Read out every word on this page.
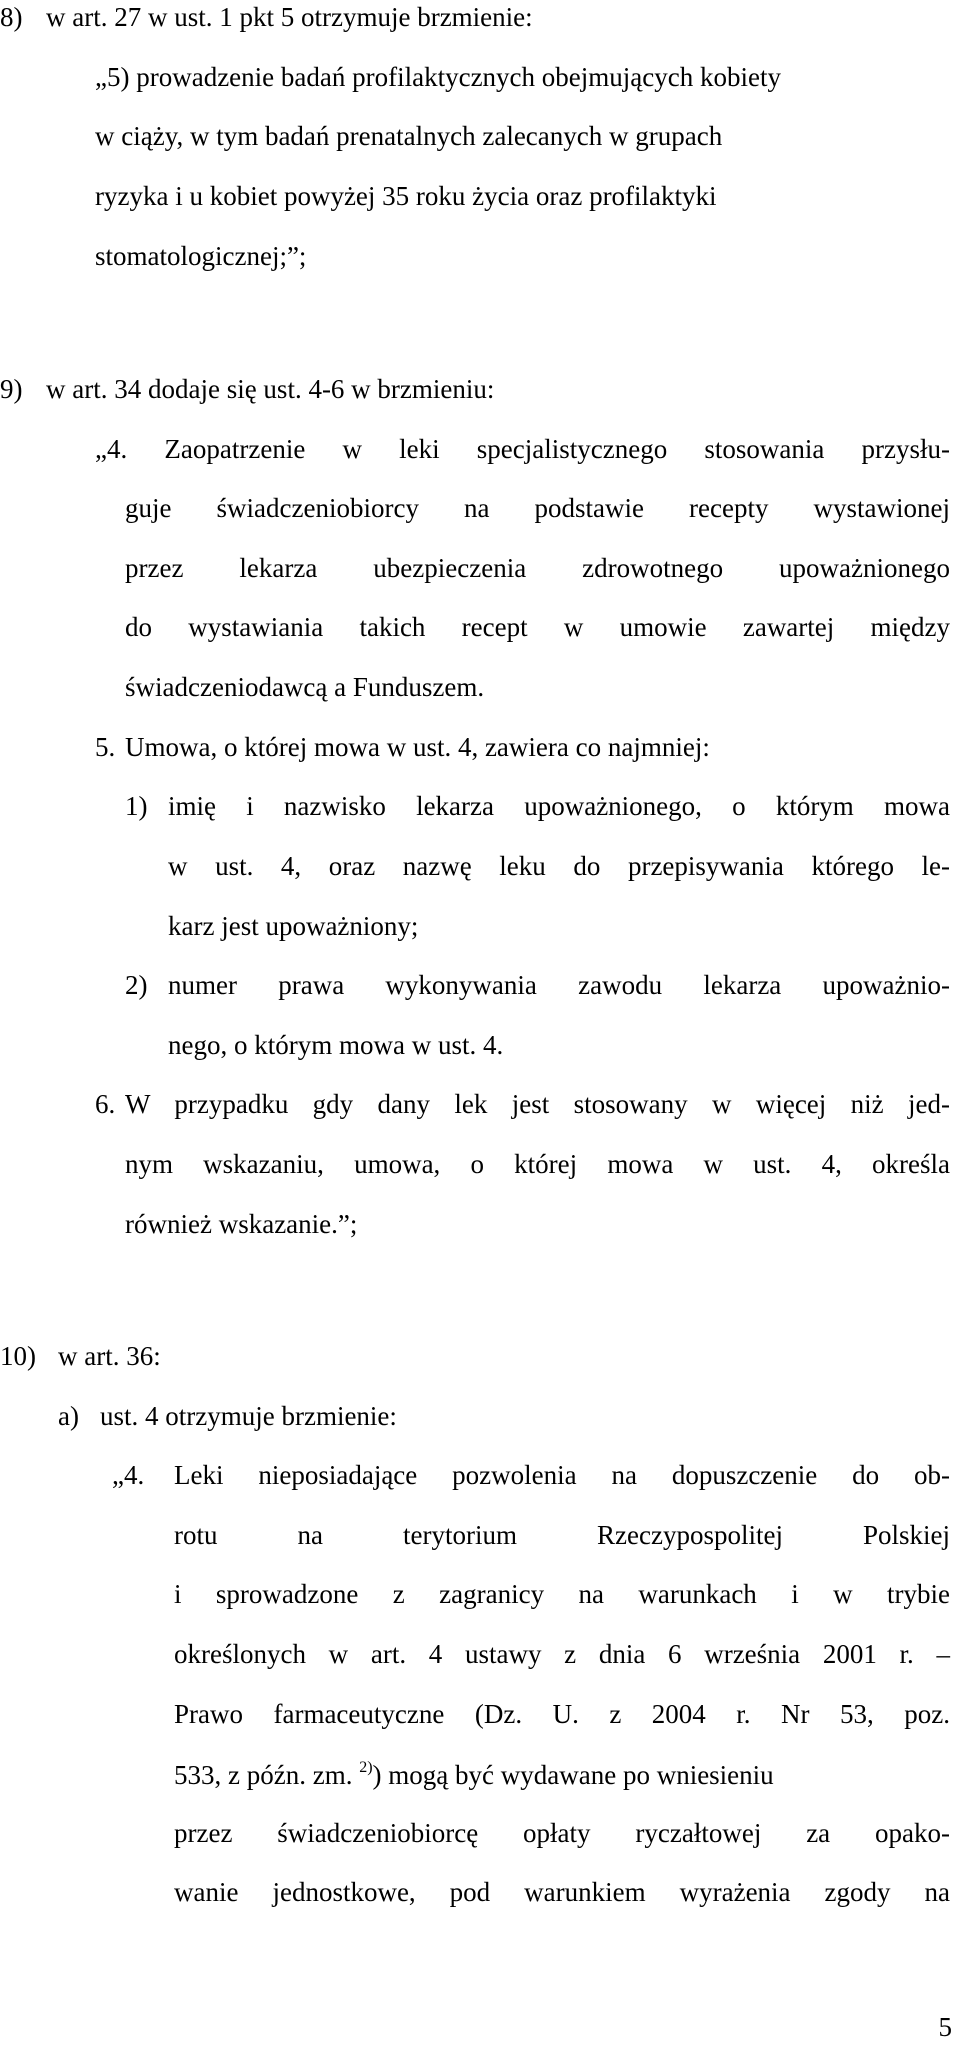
8) w art. 27 w ust. 1 pkt 5 otrzymuje brzmienie:
„5) prowadzenie badań profilaktycznych obejmujących kobiety
w ciąży, w tym badań prenatalnych zalecanych w grupach
ryzyka i u kobiet powyżej 35 roku życia oraz profilaktyki
stomatologicznej;”;
9) w art. 34 dodaje się ust. 4-6 w brzmieniu:
„4. Zaopatrzenie w leki specjalistycznego stosowania przysłu-
guje świadczeniobiorcy na podstawie recepty wystawionej
przez lekarza ubezpieczenia zdrowotnego upoważnionego
do wystawiania takich recept w umowie zawartej między
świadczeniodawcą a Funduszem.
5. Umowa, o której mowa w ust. 4, zawiera co najmniej:
1) imię i nazwisko lekarza upoważnionego, o którym mowa
w ust. 4, oraz nazwę leku do przepisywania którego le-
karz jest upoważniony;
2) numer prawa wykonywania zawodu lekarza upoważnio-
nego, o którym mowa w ust. 4.
6. W przypadku gdy dany lek jest stosowany w więcej niż jed-
nym wskazaniu, umowa, o której mowa w ust. 4, określa
również wskazanie.”;
10) w art. 36:
a) ust. 4 otrzymuje brzmienie:
„4. Leki nieposiadające pozwolenia na dopuszczenie do ob-
rotu na terytorium Rzeczypospolitej Polskiej
i sprowadzone z zagranicy na warunkach i w trybie
określonych w art. 4 ustawy z dnia 6 września 2001 r. –
Prawo farmaceutyczne (Dz. U. z 2004 r. Nr 53, poz.
533, z późn. zm. $^{2)}$) mogą być wydawane po wniesieniu
przez świadczeniobiorcę opłaty ryczałtowej za opako-
wanie jednostkowe, pod warunkiem wyrażenia zgody na
5
